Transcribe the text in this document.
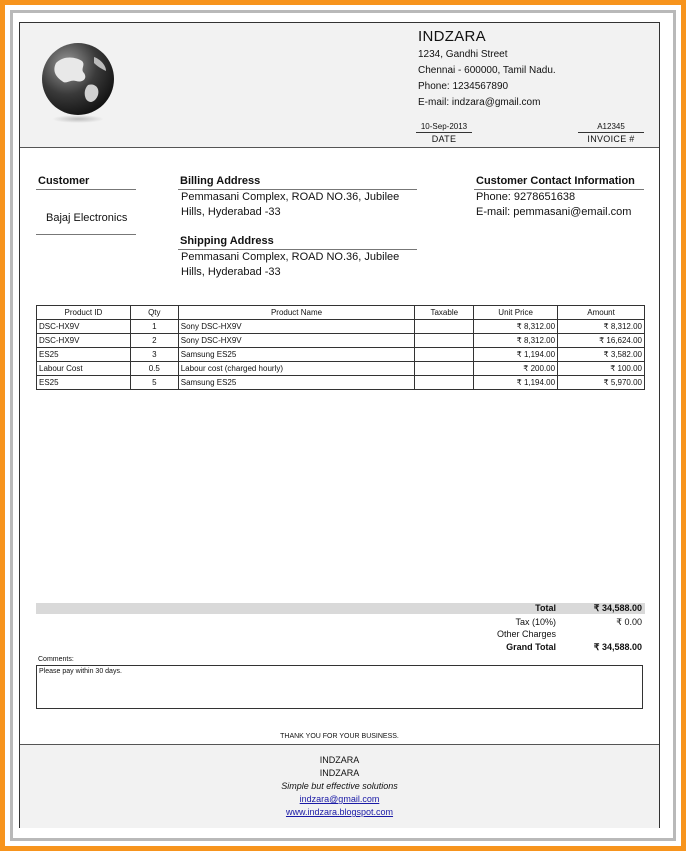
INDZARA
1234, Gandhi Street
Chennai - 600000, Tamil Nadu.
Phone: 1234567890
E-mail: indzara@gmail.com
10-Sep-2013
DATE
A12345
INVOICE #
Customer
Bajaj Electronics
Billing Address
Pemmasani Complex, ROAD NO.36, Jubilee
Hills, Hyderabad -33
Shipping Address
Pemmasani Complex, ROAD NO.36, Jubilee
Hills, Hyderabad -33
Customer Contact Information
Phone: 9278651638
E-mail: pemmasani@email.com
Product ID	Qty	Product Name	Taxable	Unit Price	Amount
DSC-HX9V	1	Sony DSC-HX9V		₹ 8,312.00	₹ 8,312.00
DSC-HX9V	2	Sony DSC-HX9V		₹ 8,312.00	₹ 16,624.00
ES25	3	Samsung ES25		₹ 1,194.00	₹ 3,582.00
Labour Cost	0.5	Labour cost (charged hourly)		₹ 200.00	₹ 100.00
ES25	5	Samsung ES25		₹ 1,194.00	₹ 5,970.00
Total	₹ 34,588.00
Tax (10%)	₹ 0.00
Other Charges
Grand Total	₹ 34,588.00
Comments:
Please pay within 30 days.
THANK YOU FOR YOUR BUSINESS.
INDZARA
INDZARA
Simple but effective solutions
indzara@gmail.com
www.indzara.blogspot.com
